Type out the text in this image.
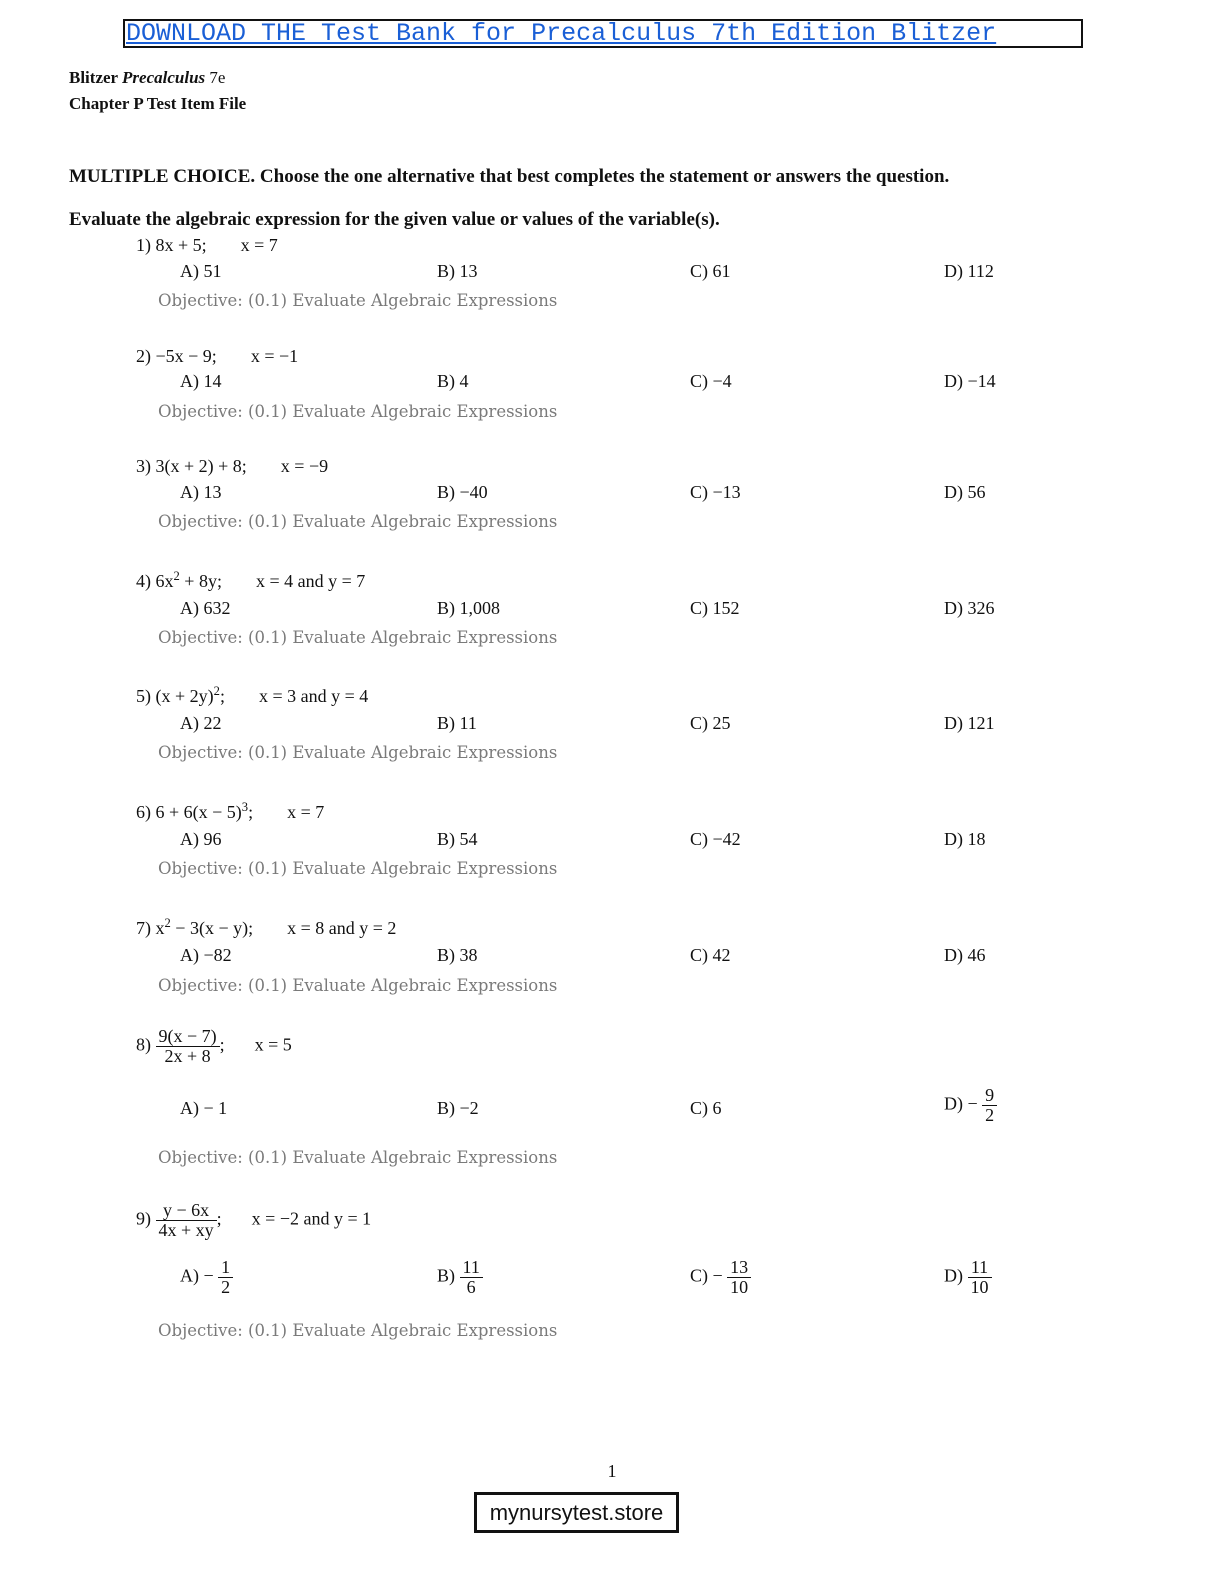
DOWNLOAD THE Test Bank for Precalculus 7th Edition Blitzer
Blitzer Precalculus 7e
Chapter P Test Item File
MULTIPLE CHOICE. Choose the one alternative that best completes the statement or answers the question.
Evaluate the algebraic expression for the given value or values of the variable(s).
1) 8x + 5; x = 7
A) 51	B) 13	C) 61	D) 112
Objective: (0.1) Evaluate Algebraic Expressions
2) −5x − 9; x = −1
A) 14	B) 4	C) −4	D) −14
Objective: (0.1) Evaluate Algebraic Expressions
3) 3(x + 2) + 8; x = −9
A) 13	B) −40	C) −13	D) 56
Objective: (0.1) Evaluate Algebraic Expressions
4) $6x^2 + 8y$; x = 4 and y = 7
A) 632	B) 1,008	C) 152	D) 326
Objective: (0.1) Evaluate Algebraic Expressions
5) $(x + 2y)^2$; x = 3 and y = 4
A) 22	B) 11	C) 25	D) 121
Objective: (0.1) Evaluate Algebraic Expressions
6) $6 + 6(x - 5)^3$; x = 7
A) 96	B) 54	C) −42	D) 18
Objective: (0.1) Evaluate Algebraic Expressions
7) $x^2 - 3(x - y)$; x = 8 and y = 2
A) −82	B) 38	C) 42	D) 46
Objective: (0.1) Evaluate Algebraic Expressions
$8) \frac{9(x - 7)}{2x + 8}$ ; x = 5
A) − 1	B) −2	C) 6	$D) - \frac{9}{2}$
Objective: (0.1) Evaluate Algebraic Expressions
$9) \frac{y - 6x}{4x + xy}$ ; x = −2 and y = 1
$A) - \frac{1}{2}$	$B) \frac{11}{6}$	$C) - \frac{13}{10}$	$D) \frac{11}{10}$
Objective: (0.1) Evaluate Algebraic Expressions
1
mynursytest.store
